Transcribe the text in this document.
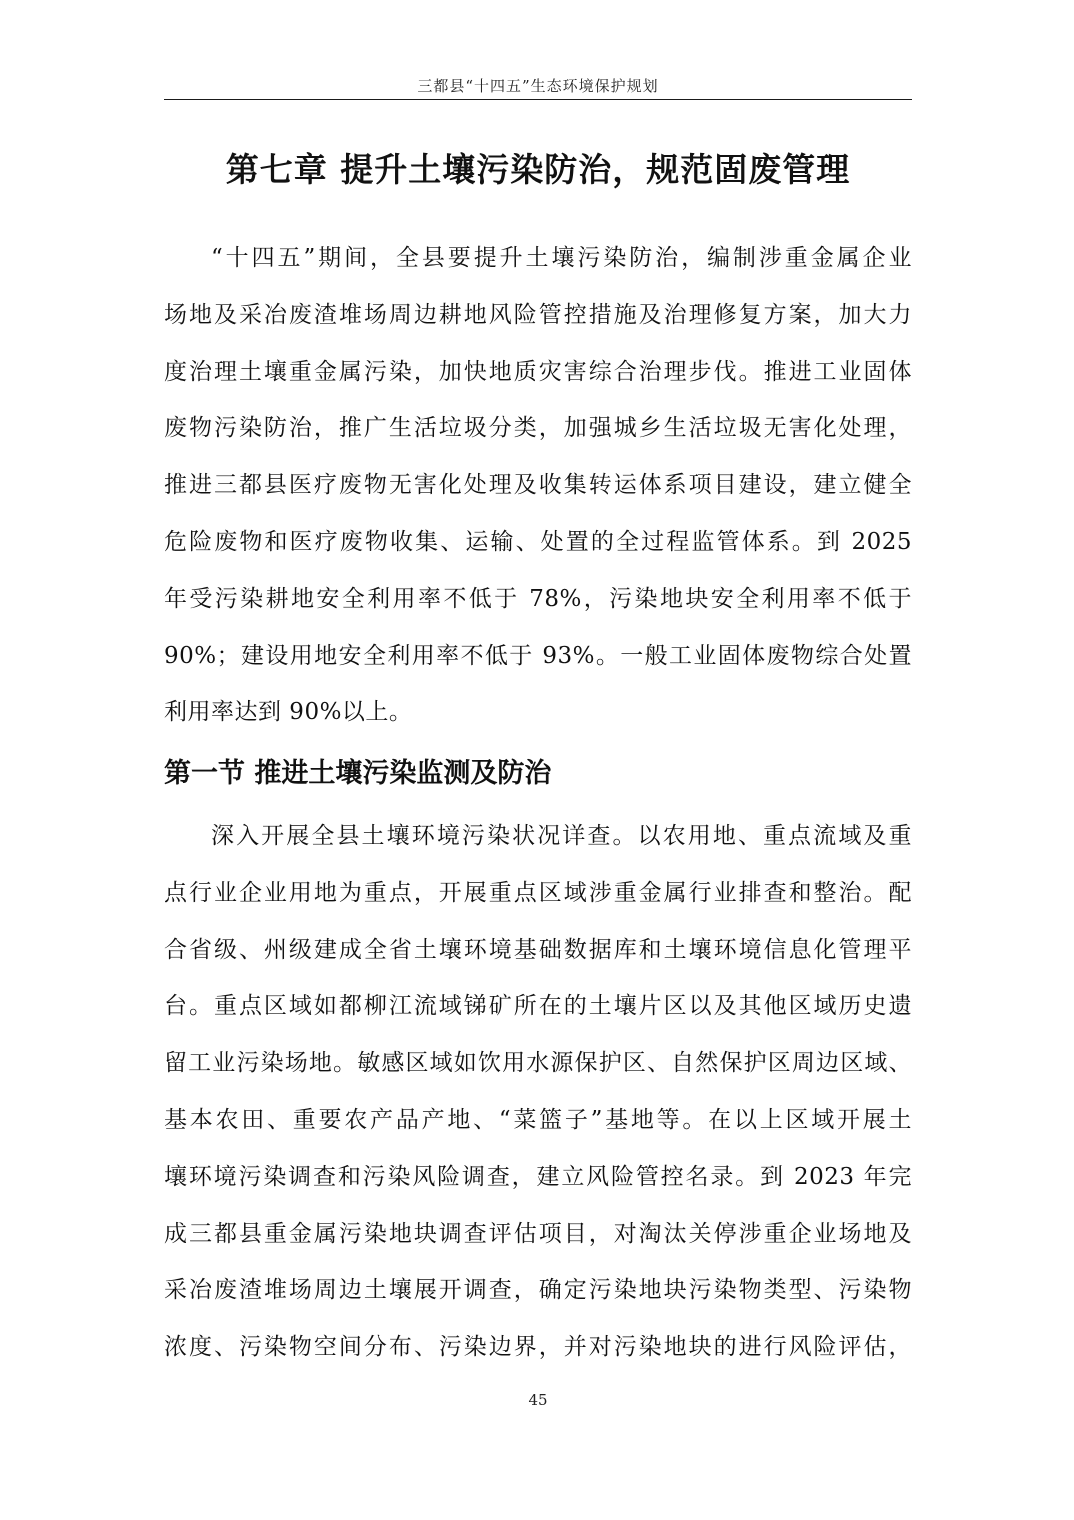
三都县“十四五”生态环境保护规划
第七章 提升土壤污染防治，规范固废管理
“十四五”期间，全县要提升土壤污染防治，编制涉重金属企业
场地及采冶废渣堆场周边耕地风险管控措施及治理修复方案，加大力
度治理土壤重金属污染，加快地质灾害综合治理步伐。推进工业固体
废物污染防治，推广生活垃圾分类，加强城乡生活垃圾无害化处理，
推进三都县医疗废物无害化处理及收集转运体系项目建设，建立健全
危险废物和医疗废物收集、运输、处置的全过程监管体系。到 2025
年受污染耕地安全利用率不低于 78%，污染地块安全利用率不低于
90%；建设用地安全利用率不低于 93%。一般工业固体废物综合处置
利用率达到 90%以上。
第一节 推进土壤污染监测及防治
深入开展全县土壤环境污染状况详查。以农用地、重点流域及重
点行业企业用地为重点，开展重点区域涉重金属行业排查和整治。配
合省级、州级建成全省土壤环境基础数据库和土壤环境信息化管理平
台。重点区域如都柳江流域锑矿所在的土壤片区以及其他区域历史遗
留工业污染场地。敏感区域如饮用水源保护区、自然保护区周边区域、
基本农田、重要农产品产地、“菜篮子”基地等。在以上区域开展土
壤环境污染调查和污染风险调查，建立风险管控名录。到 2023 年完
成三都县重金属污染地块调查评估项目，对淘汰关停涉重企业场地及
采冶废渣堆场周边土壤展开调查，确定污染地块污染物类型、污染物
浓度、污染物空间分布、污染边界，并对污染地块的进行风险评估，
45
